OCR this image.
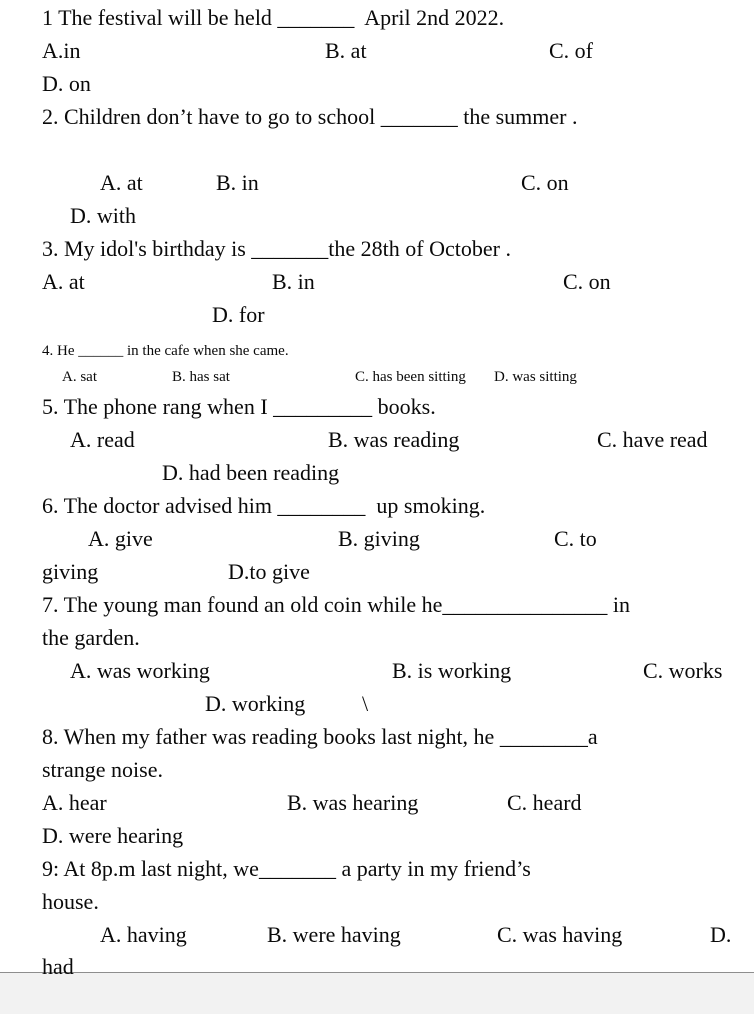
1 The festival will be held _______  April 2nd 2022.
A.in	B. at	C. of
D. on
2. Children don’t have to go to school _______ the summer .
A. at	B. in	C. on
D. with
3. My idol's birthday is _______the 28th of October .
A. at	B. in	C. on
D. for
4. He ______ in the cafe when she came.
A. sat	B. has sat	C. has been sitting D. was sitting
5. The phone rang when I _________ books.
A. read	B. was reading	C. have read
D. had been reading
6. The doctor advised him ________  up smoking.
A. give	B. giving	C. to
giving	D.to give
7. The young man found an old coin while he_______________ in
the garden.
A. was working	B. is working	C. works
D. working	\
8. When my father was reading books last night, he ________a
strange noise.
A. hear	B. was hearing	C. heard
D. were hearing
9: At 8p.m last night, we_______ a party in my friend’s
house.
A. having	B. were having	C. was having	D.
had
